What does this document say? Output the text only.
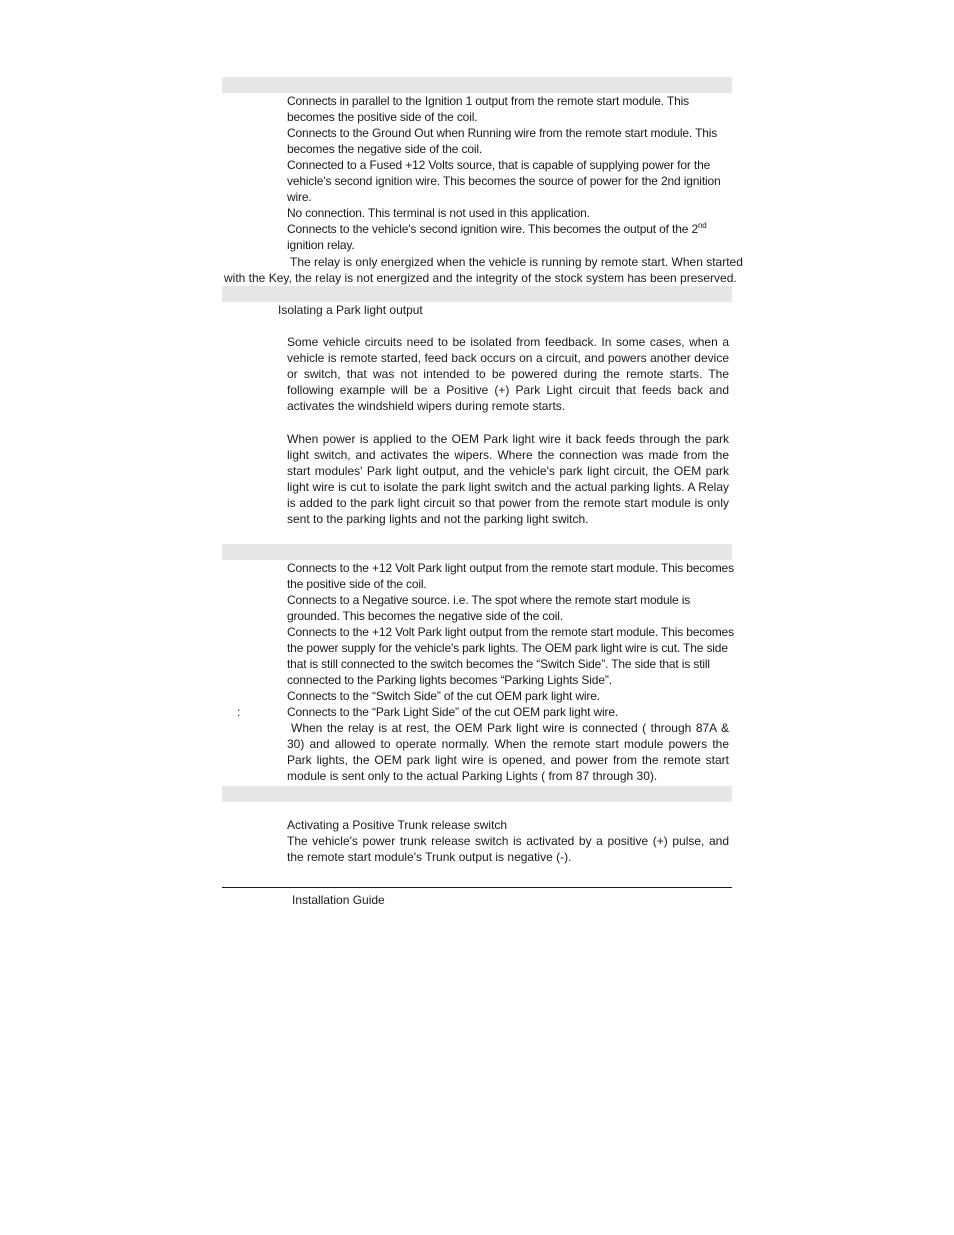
Connects in parallel to the Ignition 1 output from the remote start module. This
becomes the positive side of the coil.
Connects to the Ground Out when Running wire from the remote start module. This
becomes the negative side of the coil.
Connected to a Fused +12 Volts source, that is capable of supplying power for the
vehicle's second ignition wire. This becomes the source of power for the 2nd ignition
wire.
No connection. This terminal is not used in this application.
Connects to the vehicle's second ignition wire. This becomes the output of the 2nd
ignition relay.
The relay is only energized when the vehicle is running by remote start. When started
with the Key, the relay is not energized and the integrity of the stock system has been preserved.
Isolating a Park light output
Some vehicle circuits need to be isolated from feedback. In some cases, when a vehicle is remote started, feed back occurs on a circuit, and powers another device or switch, that was not intended to be powered during the remote starts. The following example will be a Positive (+) Park Light circuit that feeds back and activates the windshield wipers during remote starts.
When power is applied to the OEM Park light wire it back feeds through the park light switch, and activates the wipers. Where the connection was made from the start modules' Park light output, and the vehicle's park light circuit, the OEM park light wire is cut to isolate the park light switch and the actual parking lights. A Relay is added to the park light circuit so that power from the remote start module is only sent to the parking lights and not the parking light switch.
Connects to the +12 Volt Park light output from the remote start module. This becomes
the positive side of the coil.
Connects to a Negative source. i.e. The spot where the remote start module is
grounded. This becomes the negative side of the coil.
Connects to the +12 Volt Park light output from the remote start module. This becomes
the power supply for the vehicle's park lights. The OEM park light wire is cut. The side
that is still connected to the switch becomes the “Switch Side”. The side that is still
connected to the Parking lights becomes “Parking Lights Side”.
Connects to the “Switch Side” of the cut OEM park light wire.
:	Connects to the “Park Light Side” of the cut OEM park light wire.
When the relay is at rest, the OEM Park light wire is connected ( through 87A & 30) and allowed to operate normally. When the remote start module powers the Park lights, the OEM park light wire is opened, and power from the remote start module is sent only to the actual Parking Lights ( from 87 through 30).
Activating a Positive Trunk release switch
The vehicle's power trunk release switch is activated by a positive (+) pulse, and the remote start module's Trunk output is negative (-).
Installation Guide
